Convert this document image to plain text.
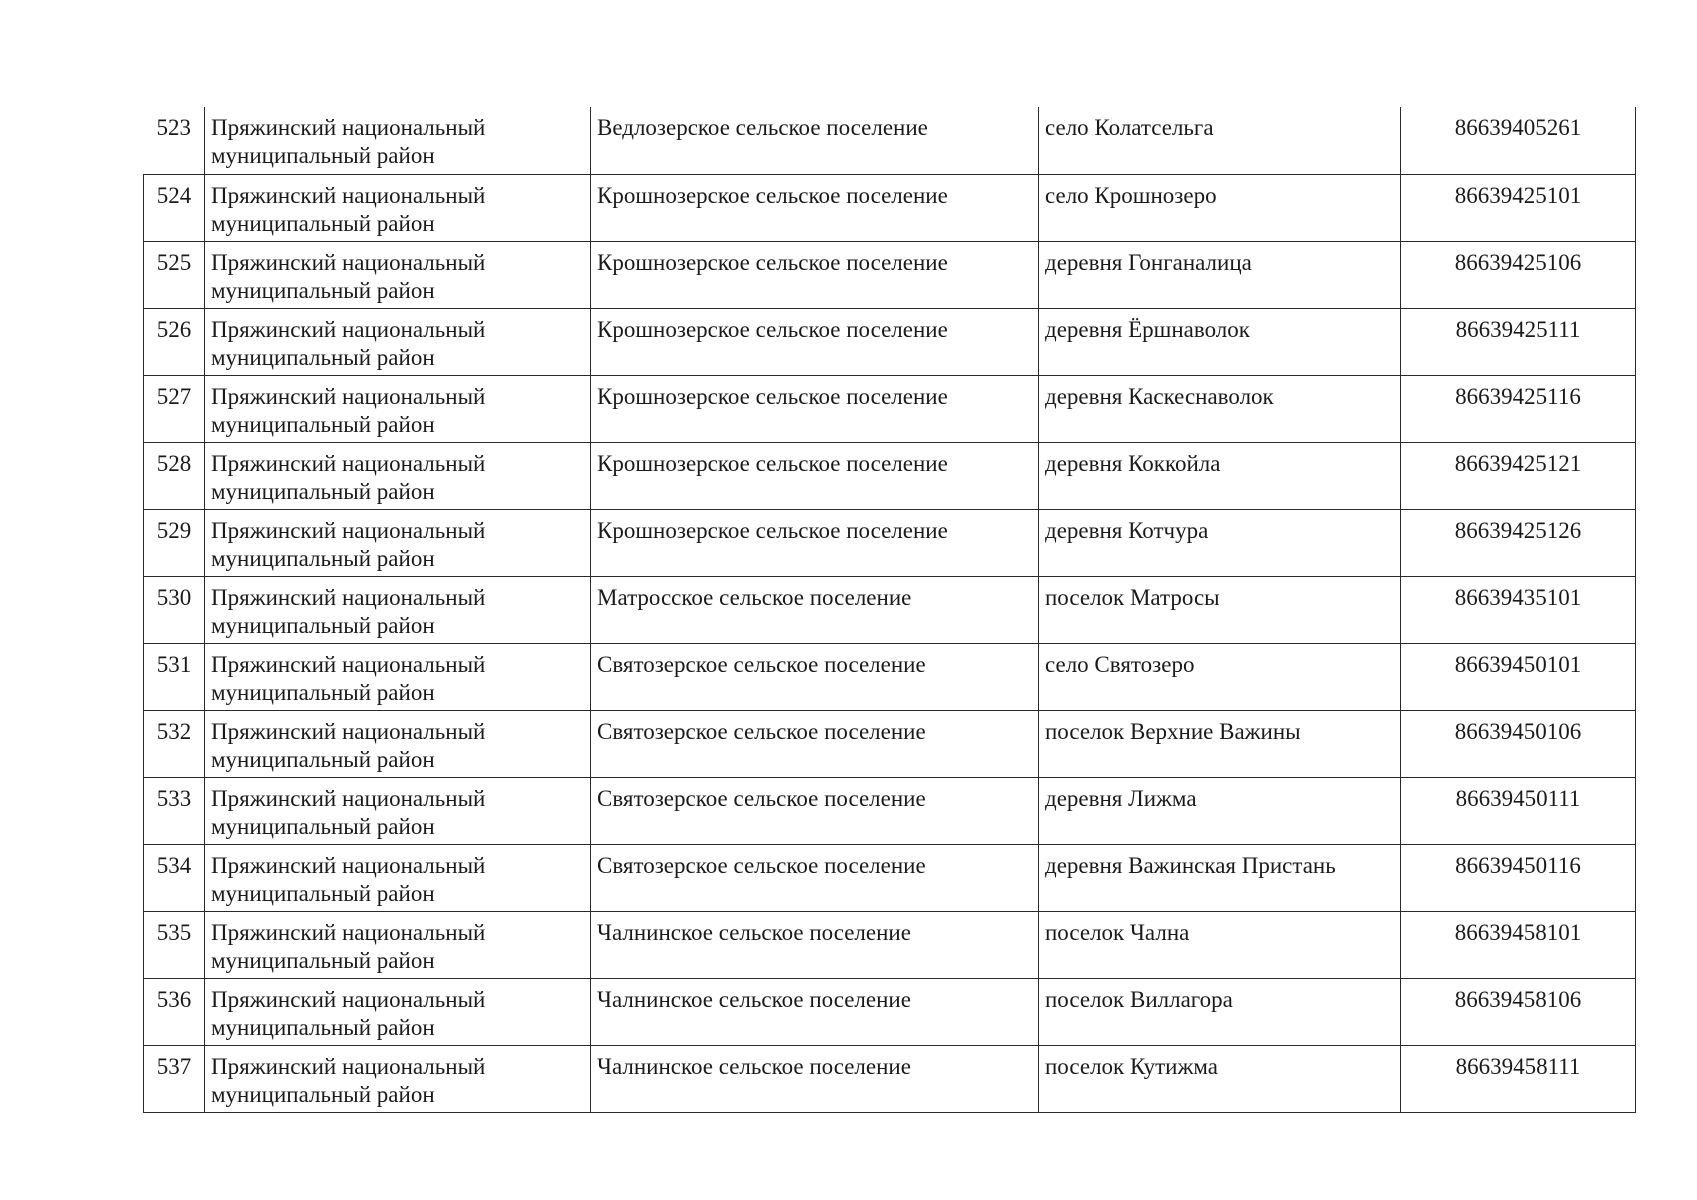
523	Пряжинский национальный
муниципальный район	Ведлозерское сельское поселение	село Колатсельга	86639405261
524	Пряжинский национальный
муниципальный район	Крошнозерское сельское поселение	село Крошнозеро	86639425101
525	Пряжинский национальный
муниципальный район	Крошнозерское сельское поселение	деревня Гонганалица	86639425106
526	Пряжинский национальный
муниципальный район	Крошнозерское сельское поселение	деревня Ёршнаволок	86639425111
527	Пряжинский национальный
муниципальный район	Крошнозерское сельское поселение	деревня Каскеснаволок	86639425116
528	Пряжинский национальный
муниципальный район	Крошнозерское сельское поселение	деревня Коккойла	86639425121
529	Пряжинский национальный
муниципальный район	Крошнозерское сельское поселение	деревня Котчура	86639425126
530	Пряжинский национальный
муниципальный район	Матросское сельское поселение	поселок Матросы	86639435101
531	Пряжинский национальный
муниципальный район	Святозерское сельское поселение	село Святозеро	86639450101
532	Пряжинский национальный
муниципальный район	Святозерское сельское поселение	поселок Верхние Важины	86639450106
533	Пряжинский национальный
муниципальный район	Святозерское сельское поселение	деревня Лижма	86639450111
534	Пряжинский национальный
муниципальный район	Святозерское сельское поселение	деревня Важинская Пристань	86639450116
535	Пряжинский национальный
муниципальный район	Чалнинское сельское поселение	поселок Чална	86639458101
536	Пряжинский национальный
муниципальный район	Чалнинское сельское поселение	поселок Виллагора	86639458106
537	Пряжинский национальный
муниципальный район	Чалнинское сельское поселение	поселок Кутижма	86639458111
